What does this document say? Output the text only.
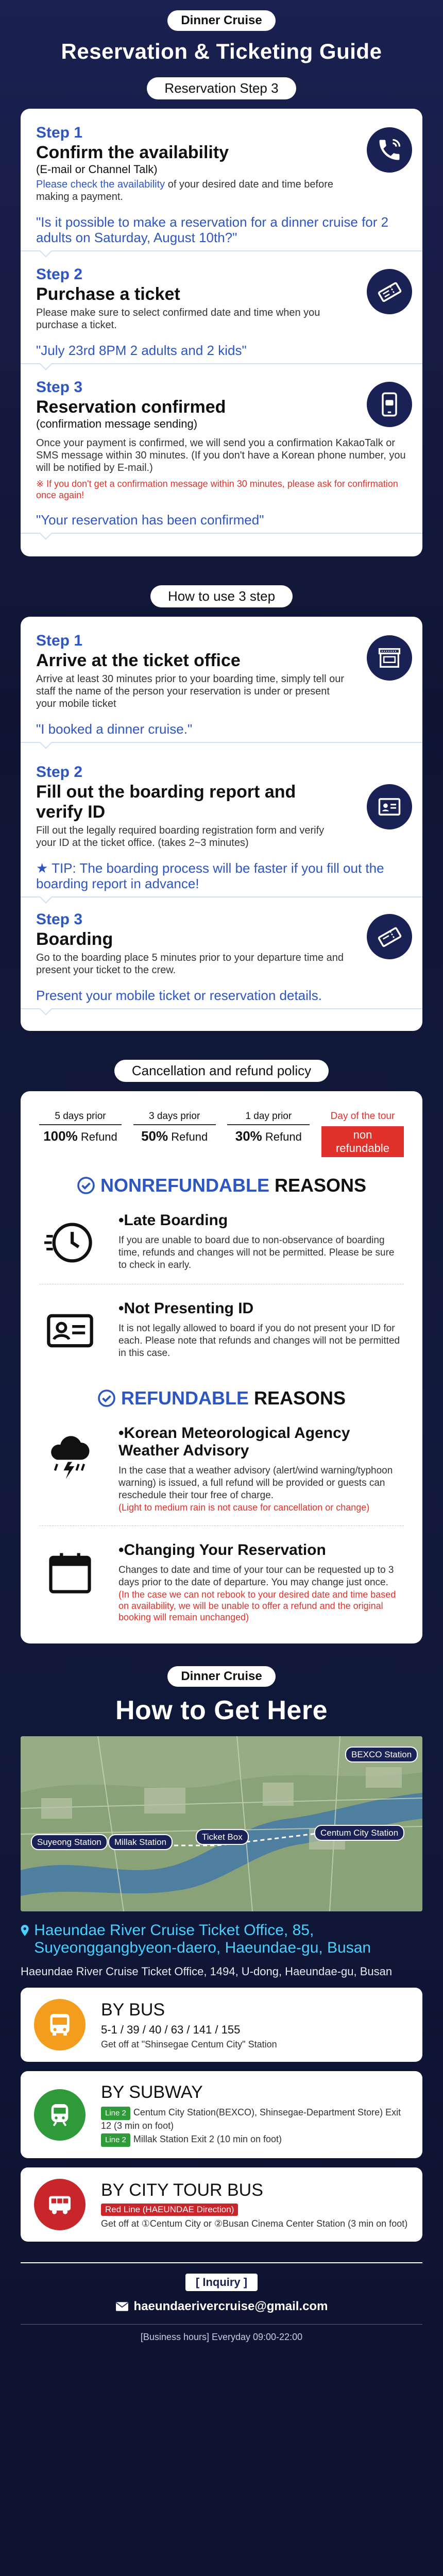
Dinner Cruise
Reservation & Ticketing Guide
Reservation Step 3
Step 1
Confirm the availability
(E-mail or Channel Talk)
Please check the availability of your desired date and time before making a payment.
"Is it possible to make a reservation for a dinner cruise for 2 adults on Saturday, August 10th?"
Step 2
Purchase a ticket
Please make sure to select confirmed date and time when you purchase a ticket.
"July 23rd 8PM 2 adults and 2 kids"
Step 3
Reservation confirmed
(confirmation message sending)
Once your payment is confirmed, we will send you a confirmation KakaoTalk or SMS message within 30 minutes. (If you don't have a Korean phone number, you will be notified by E-mail.)
※ If you don't get a confirmation message within 30 minutes, please ask for confirmation once again!
"Your reservation has been confirmed"
How to use 3 step
Step 1
Arrive at the ticket office
Arrive at least 30 minutes prior to your boarding time, simply tell our staff the name of the person your reservation is under or present your mobile ticket
"I booked a dinner cruise."
Step 2
Fill out the boarding report and verify ID
Fill out the legally required boarding registration form and verify your ID at the ticket office. (takes 2~3 minutes)
★ TIP: The boarding process will be faster if you fill out the boarding report in advance!
Step 3
Boarding
Go to the boarding place 5 minutes prior to your departure time and present your ticket to the crew.
Present your mobile ticket or reservation details.
Cancellation and refund policy
5 days prior
100% Refund
3 days prior
50% Refund
1 day prior
30% Refund
Day of the tour
non refundable
NONREFUNDABLE REASONS
• Late Boarding
If you are unable to board due to non-observance of boarding time, refunds and changes will not be permitted. Please be sure to check in early.
• Not Presenting ID
It is not legally allowed to board if you do not present your ID for each. Please note that refunds and changes will not be permitted in this case.
REFUNDABLE REASONS
• Korean Meteorological Agency Weather Advisory
In the case that a weather advisory (alert/wind warning/typhoon warning) is issued, a full refund will be provided or guests can reschedule their tour free of charge.
(Light to medium rain is not cause for cancellation or change)
• Changing Your Reservation
Changes to date and time of your tour can be requested up to 3 days prior to the date of departure. You may change just once.
(In the case we can not rebook to your desired date and time based on availability, we will be unable to offer a refund and the original booking will remain unchanged)
Dinner Cruise
How to Get Here
BEXCO Station
Suyeong Station	Millak Station
Ticket Box	Centum City Station
Haeundae River Cruise Ticket Office, 85, Suyeonggangbyeon-daero, Haeundae-gu, Busan
Haeundae River Cruise Ticket Office, 1494, U-dong, Haeundae-gu, Busan
BY BUS
5-1 / 39 / 40 / 63 / 141 / 155
Get off at "Shinsegae Centum City" Station
BY SUBWAY
Line 2 Centum City Station(BEXCO), Shinsegae-Department Store) Exit 12 (3 min on foot)
Line 2 Millak Station Exit 2 (10 min on foot)
BY CITY TOUR BUS
Red Line (HAEUNDAE Direction)
Get off at ①Centum City or ②Busan Cinema Center Station (3 min on foot)
[ Inquiry ]
haeundaerivercruise@gmail.com
[Business hours] Everyday 09:00-22:00
